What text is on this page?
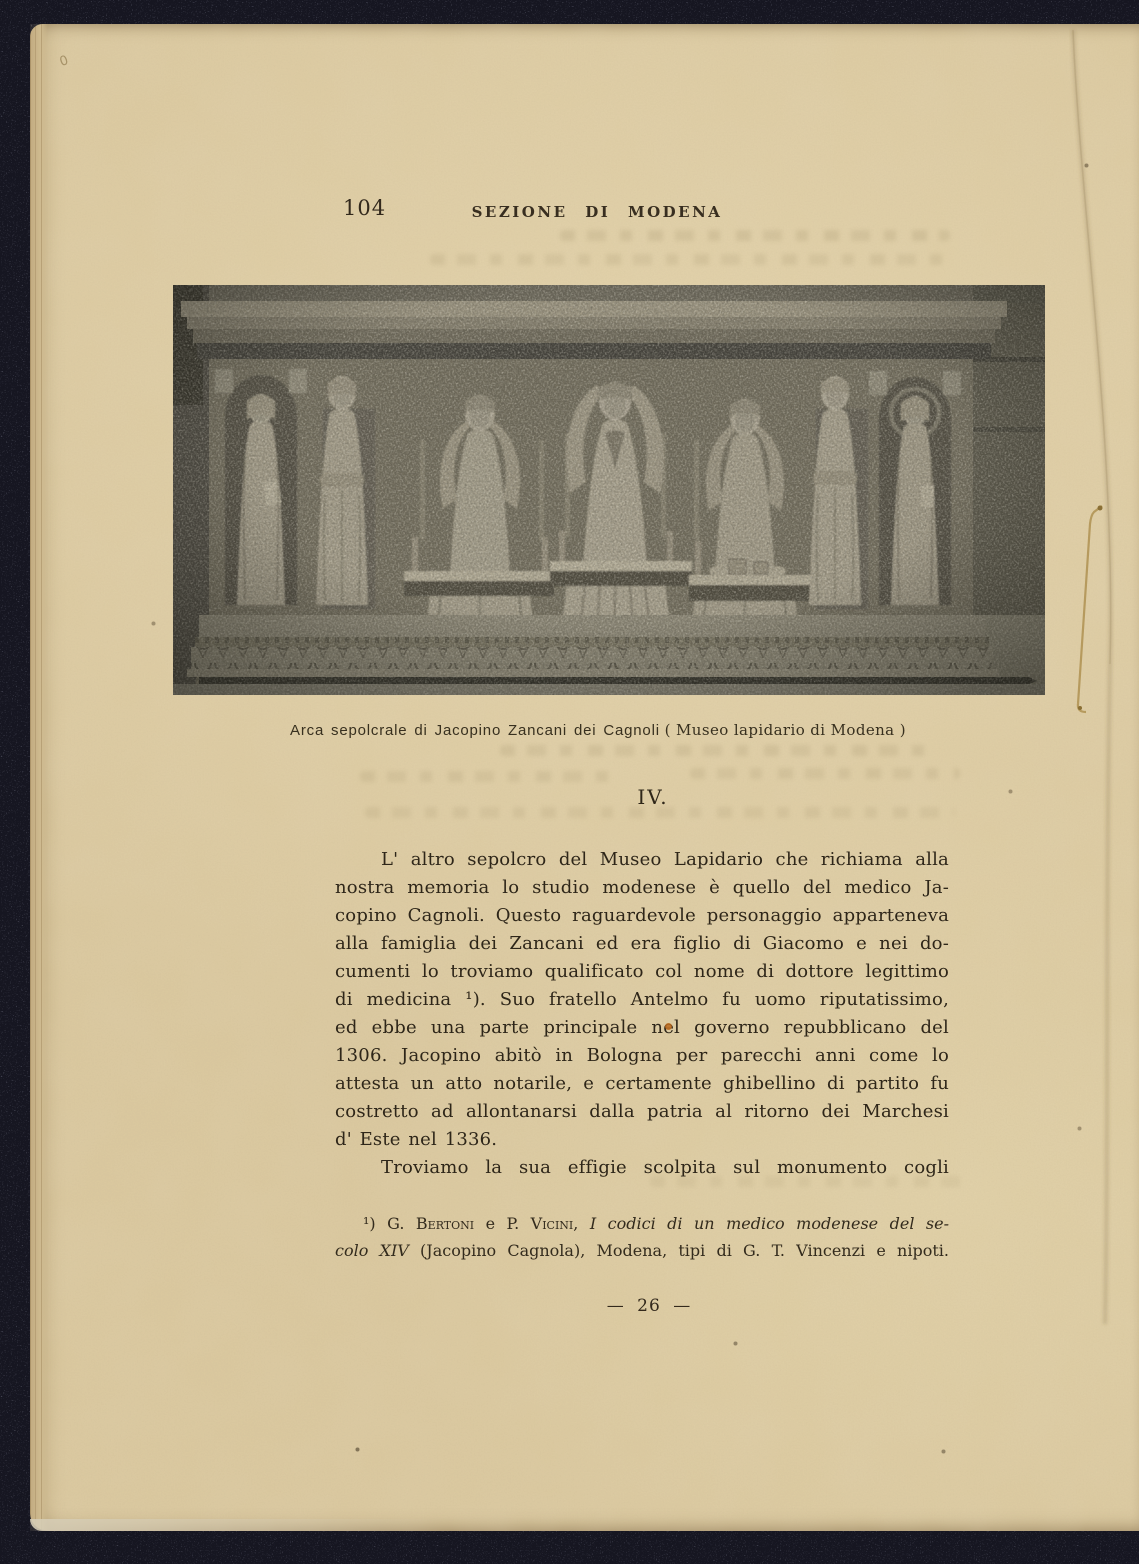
0
104	SEZIONE DI MODENA
Arca sepolcrale di Jacopino Zancani dei Cagnoli ( Museo lapidario di Modena )
IV.
L' altro sepolcro del Museo Lapidario che richiama alla
nostra memoria lo studio modenese è quello del medico Ja-
copino Cagnoli. Questo raguardevole personaggio apparteneva
alla famiglia dei Zancani ed era figlio di Giacomo e nei do-
cumenti lo troviamo qualificato col nome di dottore legittimo
di medicina ¹). Suo fratello Antelmo fu uomo riputatissimo,
ed ebbe una parte principale nel governo repubblicano del
1306. Jacopino abitò in Bologna per parecchi anni come lo
attesta un atto notarile, e certamente ghibellino di partito fu
costretto ad allontanarsi dalla patria al ritorno dei Marchesi
d' Este nel 1336.
Troviamo la sua effigie scolpita sul monumento cogli
¹) G. Bertoni e P. Vicini, I codici di un medico modenese del se-
colo XIV (Jacopino Cagnola), Modena, tipi di G. T. Vincenzi e nipoti.
— 26 —
